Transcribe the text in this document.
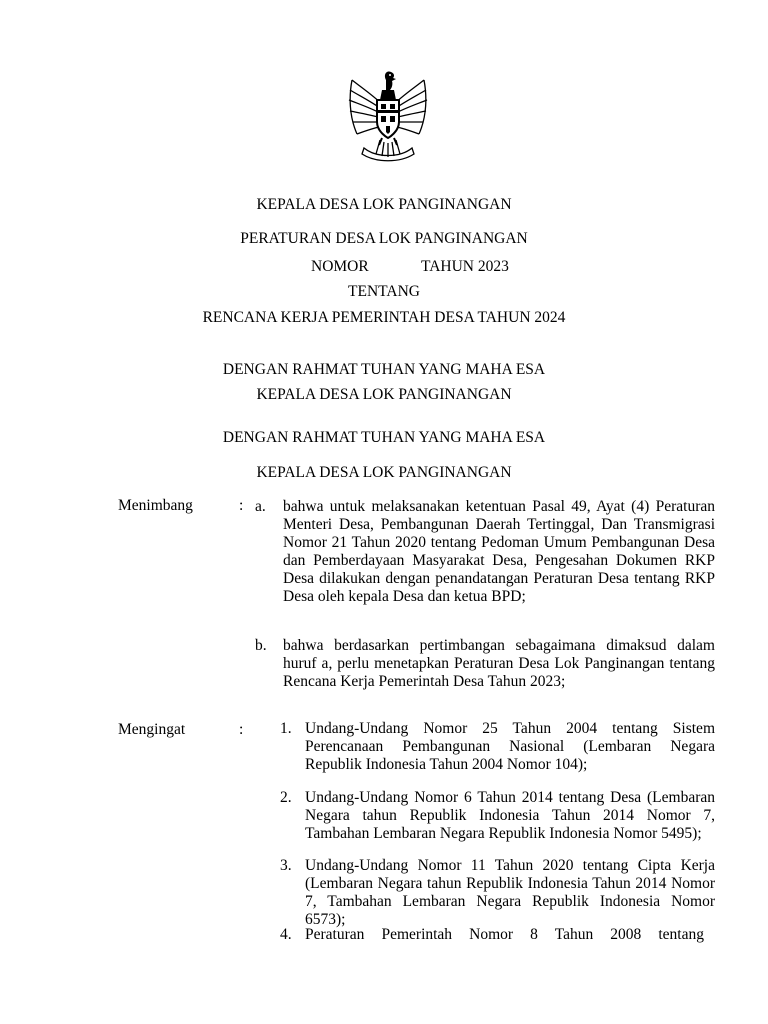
KEPALA DESA LOK PANGINANGAN
PERATURAN DESA LOK PANGINANGAN
NOMOR	TAHUN 2023
TENTANG
RENCANA KERJA PEMERINTAH DESA TAHUN 2024
DENGAN RAHMAT TUHAN YANG MAHA ESA
KEPALA DESA LOK PANGINANGAN
DENGAN RAHMAT TUHAN YANG MAHA ESA
KEPALA DESA LOK PANGINANGAN
Menimbang	: a. bahwa untuk melaksanakan ketentuan Pasal 49, Ayat (4) Peraturan Menteri Desa, Pembangunan Daerah Tertinggal, Dan Transmigrasi Nomor 21 Tahun 2020 tentang Pedoman Umum Pembangunan Desa dan Pemberdayaan Masyarakat Desa, Pengesahan Dokumen RKP Desa dilakukan dengan penandatangan Peraturan Desa tentang RKP Desa oleh kepala Desa dan ketua BPD;
b. bahwa berdasarkan pertimbangan sebagaimana dimaksud dalam huruf a, perlu menetapkan Peraturan Desa Lok Panginangan tentang Rencana Kerja Pemerintah Desa Tahun 2023;
Mengingat	: 1. Undang-Undang Nomor 25 Tahun 2004 tentang Sistem Perencanaan Pembangunan Nasional (Lembaran Negara Republik Indonesia Tahun 2004 Nomor 104);
2. Undang-Undang Nomor 6 Tahun 2014 tentang Desa (Lembaran Negara tahun Republik Indonesia Tahun 2014 Nomor 7, Tambahan Lembaran Negara Republik Indonesia Nomor 5495);
3. Undang-Undang Nomor 11 Tahun 2020 tentang Cipta Kerja (Lembaran Negara tahun Republik Indonesia Tahun 2014 Nomor 7, Tambahan Lembaran Negara Republik Indonesia Nomor 6573);
4. Peraturan Pemerintah Nomor 8 Tahun 2008 tentang
